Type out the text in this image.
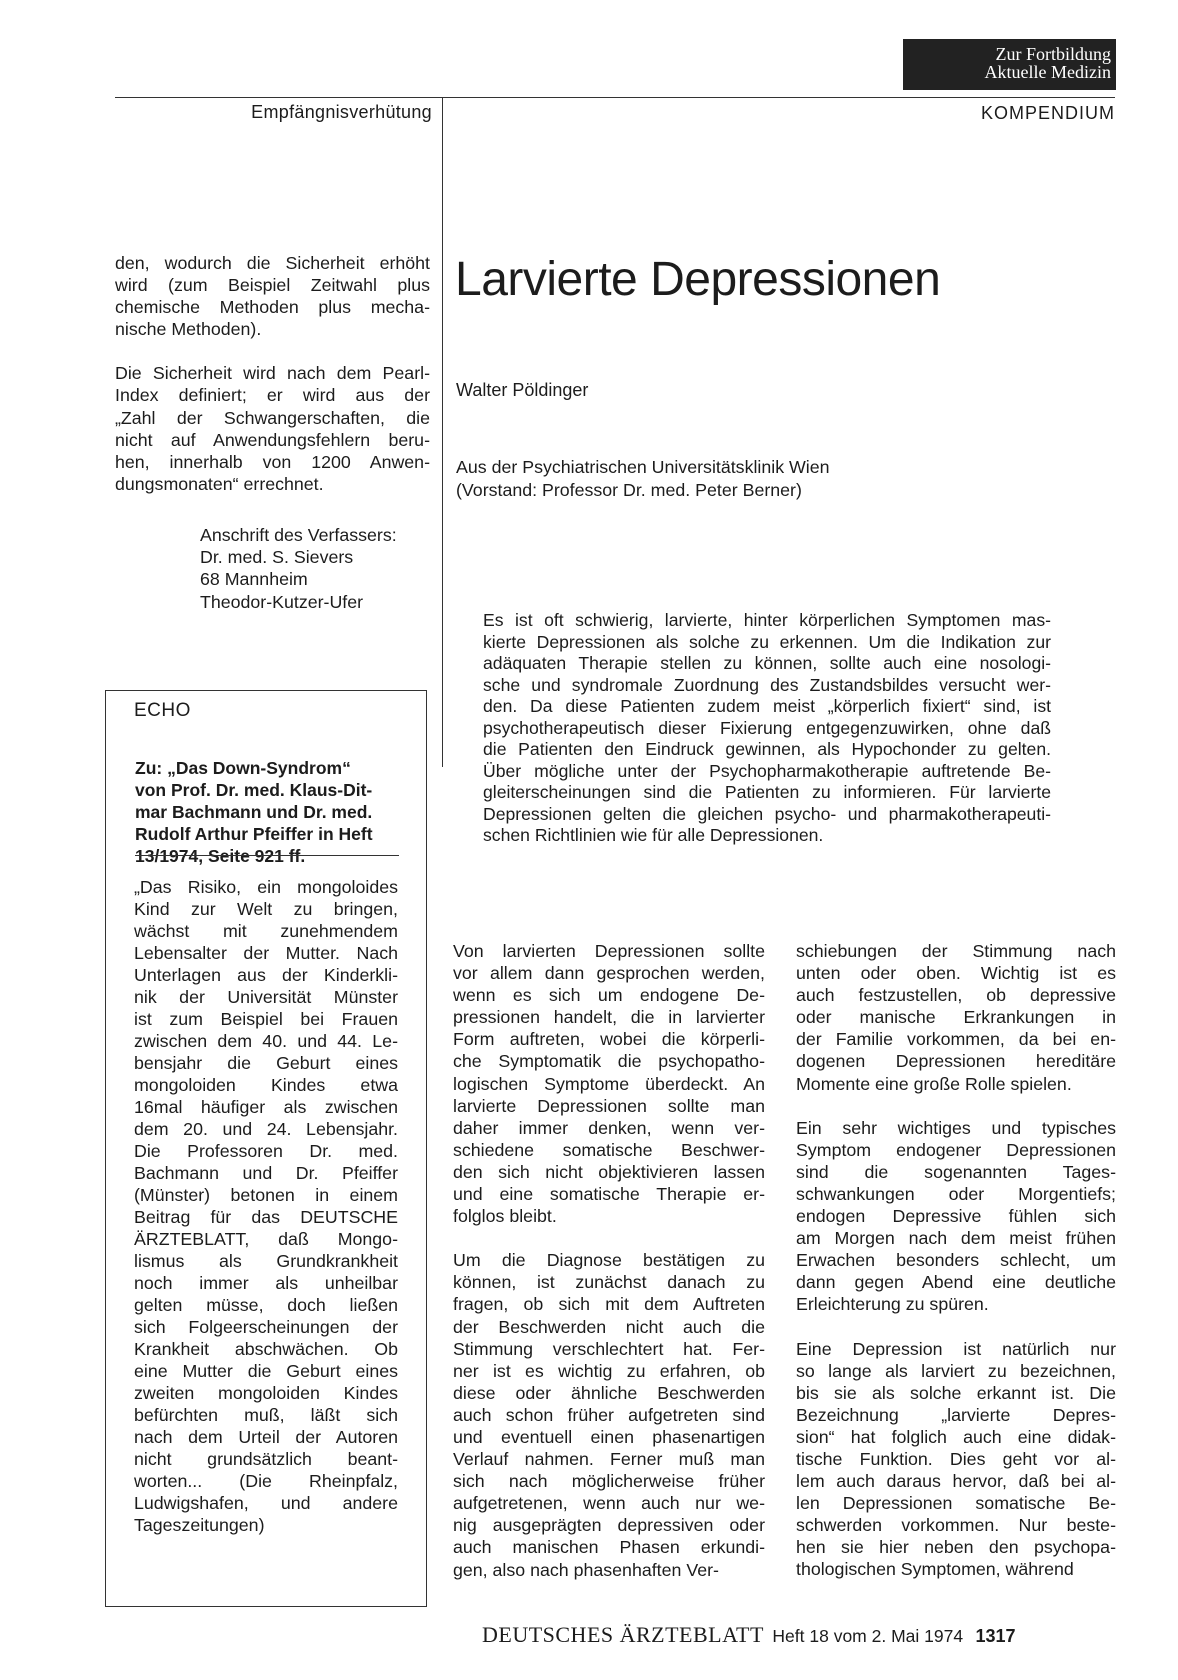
Zur Fortbildung
Aktuelle Medizin
Empfängnisverhütung	KOMPENDIUM

den, wodurch die Sicherheit erhöht
wird (zum Beispiel Zeitwahl plus
chemische Methoden plus mecha-
nische Methoden).

Die Sicherheit wird nach dem Pearl-
Index definiert; er wird aus der
„Zahl der Schwangerschaften, die
nicht auf Anwendungsfehlern beru-
hen, innerhalb von 1200 Anwen-
dungsmonaten“ errechnet.

Anschrift des Verfassers:
Dr. med. S. Sievers
68 Mannheim
Theodor-Kutzer-Ufer
ECHO
Zu: „Das Down-Syndrom“
von Prof. Dr. med. Klaus-Dit-
mar Bachmann und Dr. med.
Rudolf Arthur Pfeiffer in Heft
13/1974, Seite 921 ff.
„Das Risiko, ein mongoloides
Kind zur Welt zu bringen,
wächst mit zunehmendem
Lebensalter der Mutter. Nach
Unterlagen aus der Kinderkli-
nik der Universität Münster
ist zum Beispiel bei Frauen
zwischen dem 40. und 44. Le-
bensjahr die Geburt eines
mongoloiden Kindes etwa
16mal häufiger als zwischen
dem 20. und 24. Lebensjahr.
Die Professoren Dr. med.
Bachmann und Dr. Pfeiffer
(Münster) betonen in einem
Beitrag für das DEUTSCHE
ÄRZTEBLATT, daß Mongo-
lismus als Grundkrankheit
noch immer als unheilbar
gelten müsse, doch ließen
sich Folgeerscheinungen der
Krankheit abschwächen. Ob
eine Mutter die Geburt eines
zweiten mongoloiden Kindes
befürchten muß, läßt sich
nach dem Urteil der Autoren
nicht grundsätzlich beant-
worten... (Die Rheinpfalz,
Ludwigshafen, und andere
Tageszeitungen)
Larvierte Depressionen
Walter Pöldinger
Aus der Psychiatrischen Universitätsklinik Wien
(Vorstand: Professor Dr. med. Peter Berner)
Es ist oft schwierig, larvierte, hinter körperlichen Symptomen mas-
kierte Depressionen als solche zu erkennen. Um die Indikation zur
adäquaten Therapie stellen zu können, sollte auch eine nosologi-
sche und syndromale Zuordnung des Zustandsbildes versucht wer-
den. Da diese Patienten zudem meist „körperlich fixiert“ sind, ist
psychotherapeutisch dieser Fixierung entgegenzuwirken, ohne daß
die Patienten den Eindruck gewinnen, als Hypochonder zu gelten.
Über mögliche unter der Psychopharmakotherapie auftretende Be-
gleiterscheinungen sind die Patienten zu informieren. Für larvierte
Depressionen gelten die gleichen psycho- und pharmakotherapeuti-
schen Richtlinien wie für alle Depressionen.

Von larvierten Depressionen sollte
vor allem dann gesprochen werden,
wenn es sich um endogene De-
pressionen handelt, die in larvierter
Form auftreten, wobei die körperli-
che Symptomatik die psychopatho-
logischen Symptome überdeckt. An
larvierte Depressionen sollte man
daher immer denken, wenn ver-
schiedene somatische Beschwer-
den sich nicht objektivieren lassen
und eine somatische Therapie er-
folglos bleibt.

Um die Diagnose bestätigen zu
können, ist zunächst danach zu
fragen, ob sich mit dem Auftreten
der Beschwerden nicht auch die
Stimmung verschlechtert hat. Fer-
ner ist es wichtig zu erfahren, ob
diese oder ähnliche Beschwerden
auch schon früher aufgetreten sind
und eventuell einen phasenartigen
Verlauf nahmen. Ferner muß man
sich nach möglicherweise früher
aufgetretenen, wenn auch nur we-
nig ausgeprägten depressiven oder
auch manischen Phasen erkundi-
gen, also nach phasenhaften Ver-

schiebungen der Stimmung nach
unten oder oben. Wichtig ist es
auch festzustellen, ob depressive
oder manische Erkrankungen in
der Familie vorkommen, da bei en-
dogenen Depressionen hereditäre
Momente eine große Rolle spielen.

Ein sehr wichtiges und typisches
Symptom endogener Depressionen
sind die sogenannten Tages-
schwankungen oder Morgentiefs;
endogen Depressive fühlen sich
am Morgen nach dem meist frühen
Erwachen besonders schlecht, um
dann gegen Abend eine deutliche
Erleichterung zu spüren.

Eine Depression ist natürlich nur
so lange als larviert zu bezeichnen,
bis sie als solche erkannt ist. Die
Bezeichnung „larvierte Depres-
sion“ hat folglich auch eine didak-
tische Funktion. Dies geht vor al-
lem auch daraus hervor, daß bei al-
len Depressionen somatische Be-
schwerden vorkommen. Nur beste-
hen sie hier neben den psychopa-
thologischen Symptomen, während

DEUTSCHES ÄRZTEBLATT Heft 18 vom 2. Mai 1974 1317
